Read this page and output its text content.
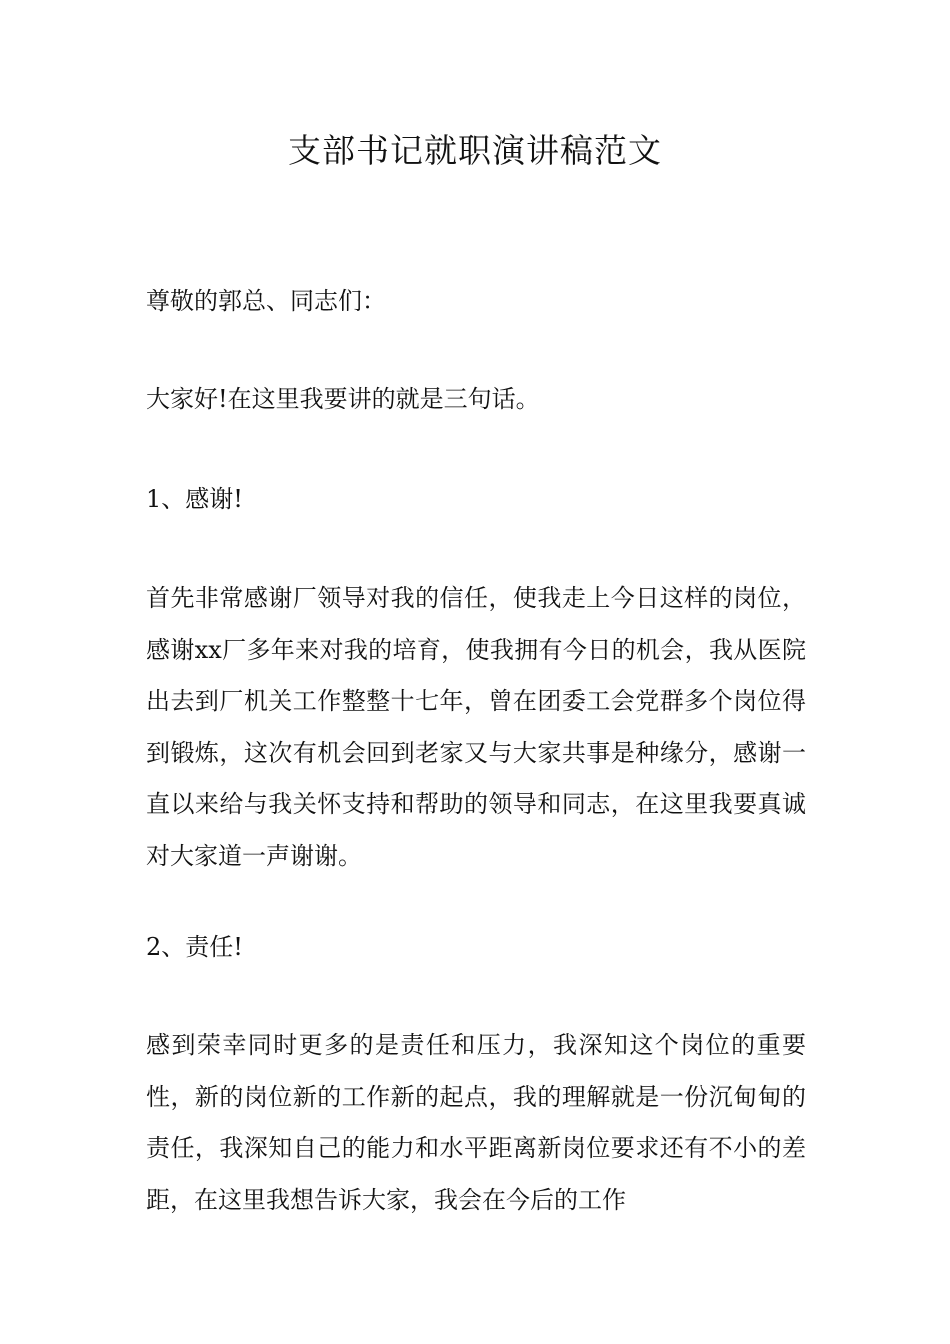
支部书记就职演讲稿范文

尊敬的郭总、同志们：

大家好!在这里我要讲的就是三句话。

1、感谢!

首先非常感谢厂领导对我的信任，使我走上今日这样的岗位，感谢xx厂多年来对我的培育，使我拥有今日的机会，我从医院出去到厂机关工作整整十七年，曾在团委工会党群多个岗位得到锻炼，这次有机会回到老家又与大家共事是种缘分，感谢一直以来给与我关怀支持和帮助的领导和同志，在这里我要真诚对大家道一声谢谢。

2、责任!

感到荣幸同时更多的是责任和压力，我深知这个岗位的重要性，新的岗位新的工作新的起点，我的理解就是一份沉甸甸的责任，我深知自己的能力和水平距离新岗位要求还有不小的差距，在这里我想告诉大家，我会在今后的工作
